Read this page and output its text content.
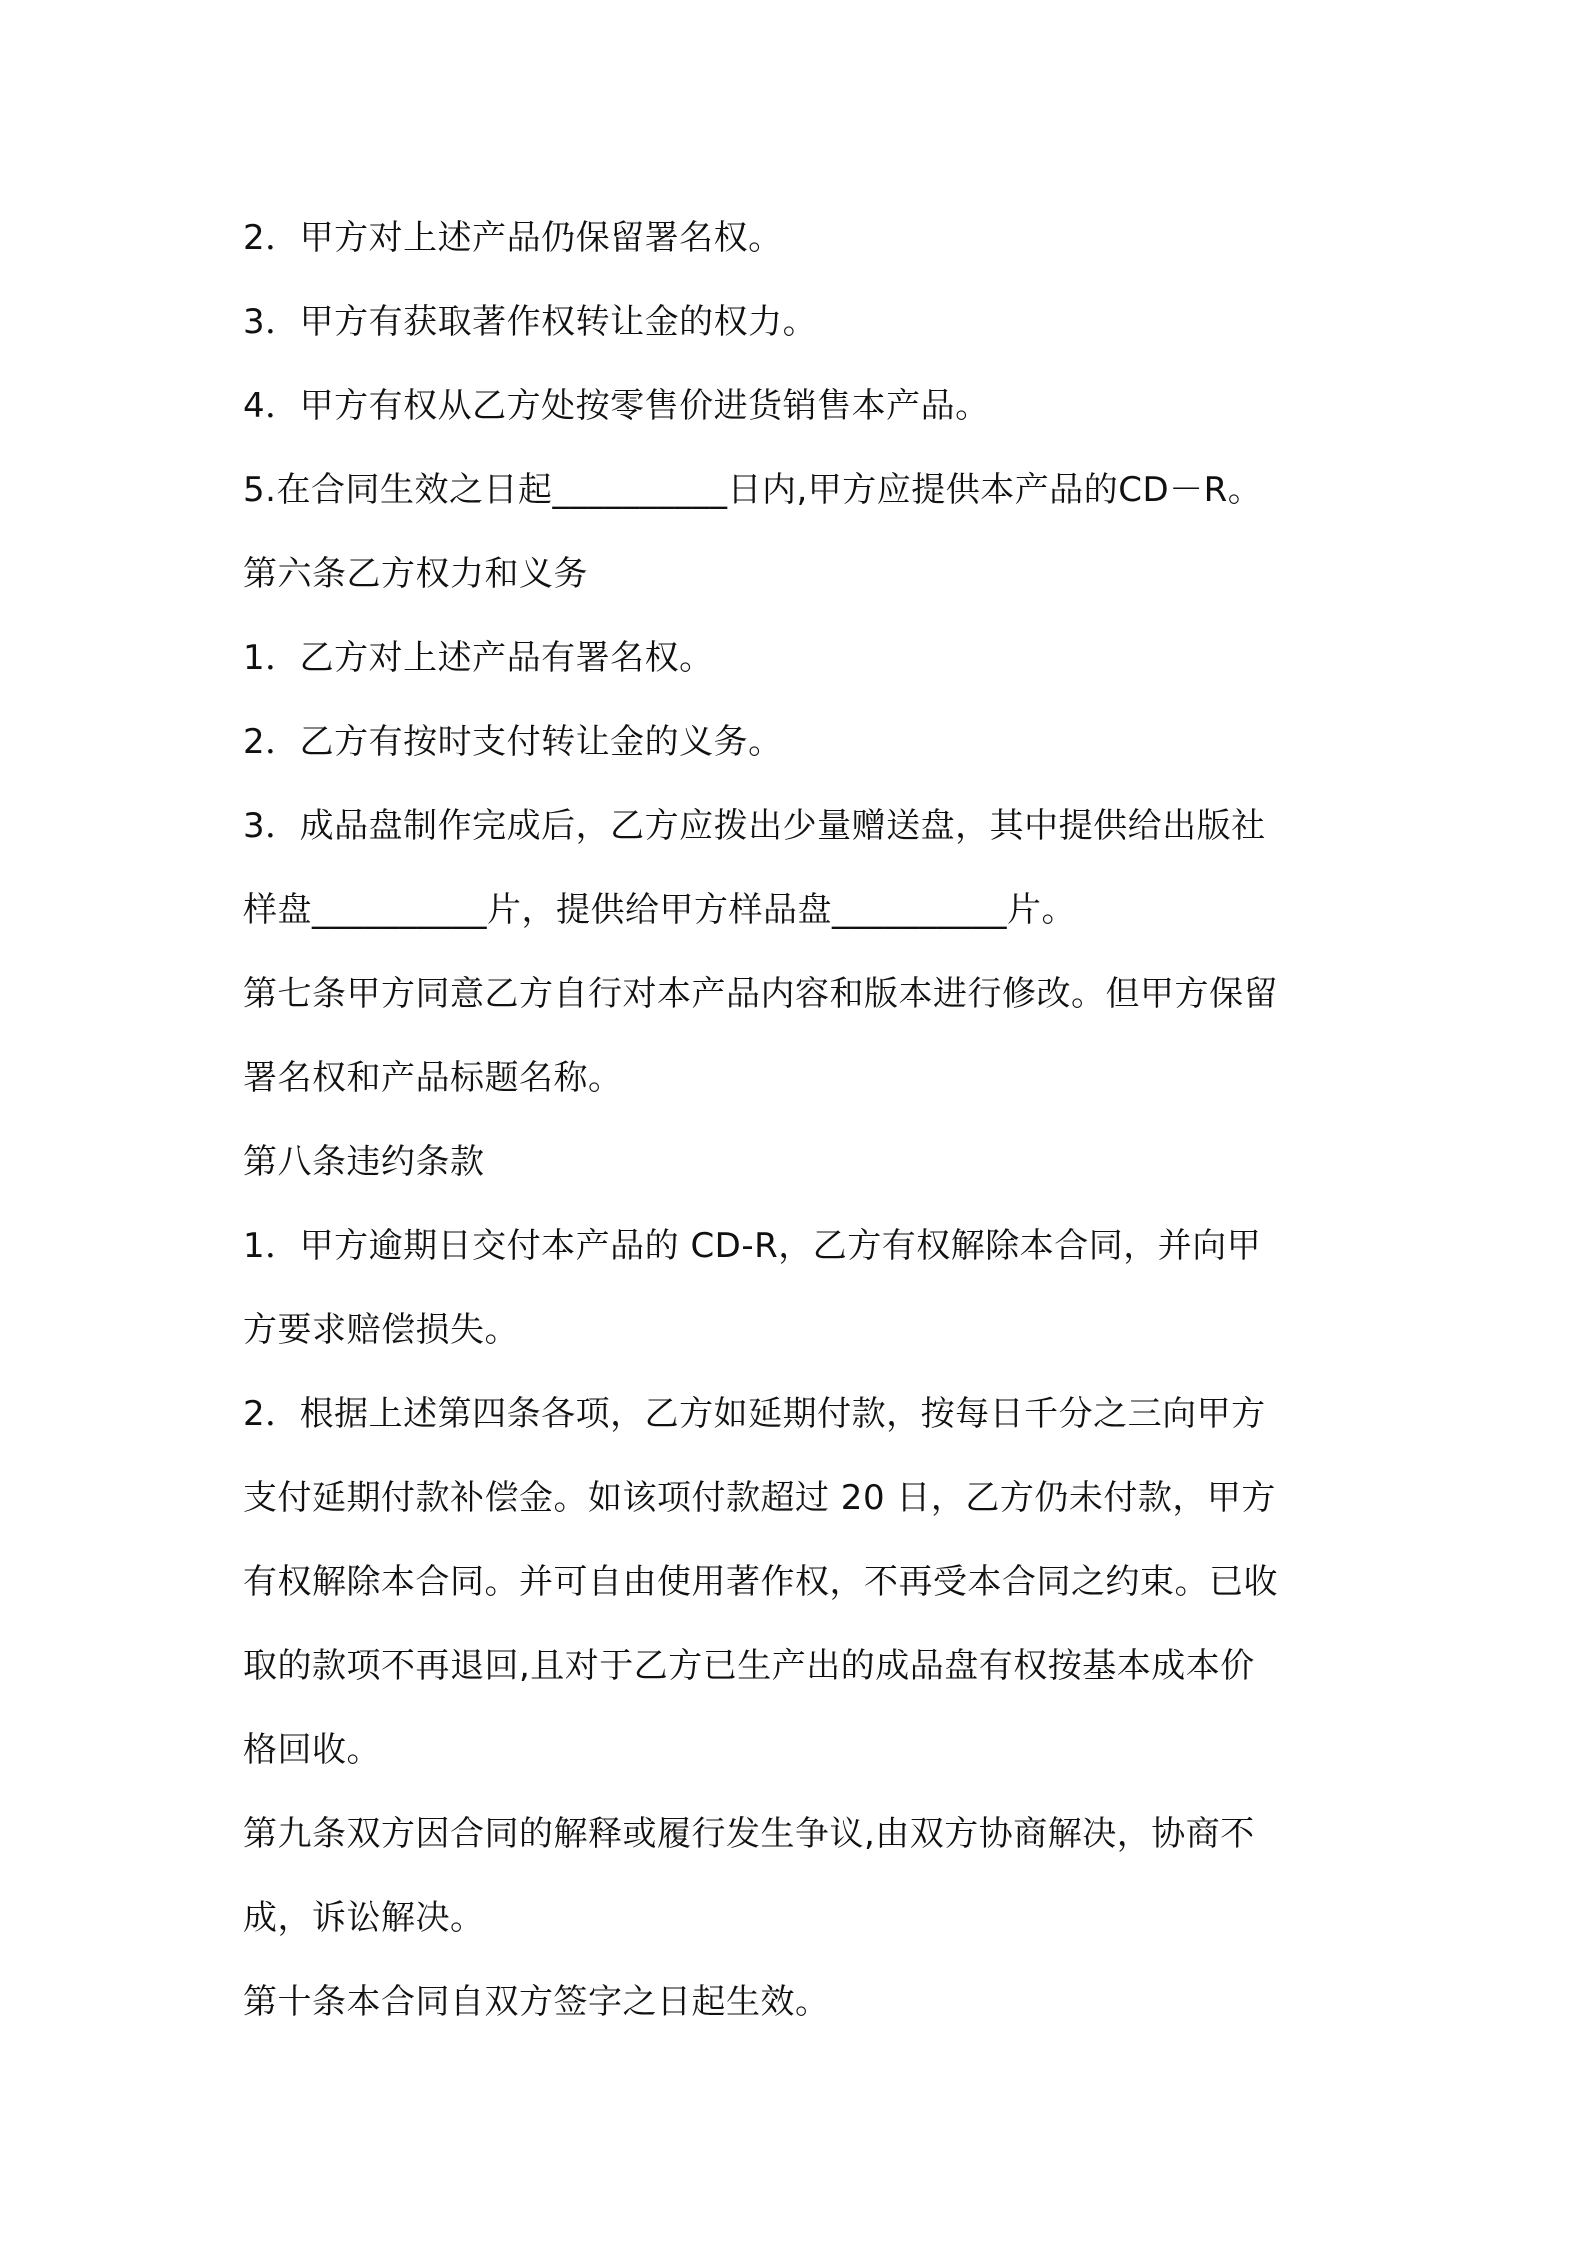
2．甲方对上述产品仍保留署名权。
3．甲方有获取著作权转让金的权力。
4．甲方有权从乙方处按零售价进货销售本产品。
5.在合同生效之日起__________日内,甲方应提供本产品的CD－R。
第六条乙方权力和义务
1．乙方对上述产品有署名权。
2．乙方有按时支付转让金的义务。
3．成品盘制作完成后，乙方应拨出少量赠送盘，其中提供给出版社
样盘__________片，提供给甲方样品盘__________片。
第七条甲方同意乙方自行对本产品内容和版本进行修改。但甲方保留
署名权和产品标题名称。
第八条违约条款
1．甲方逾期日交付本产品的 CD-R，乙方有权解除本合同，并向甲
方要求赔偿损失。
2．根据上述第四条各项，乙方如延期付款，按每日千分之三向甲方
支付延期付款补偿金。如该项付款超过 20 日，乙方仍未付款，甲方
有权解除本合同。并可自由使用著作权，不再受本合同之约束。已收
取的款项不再退回,且对于乙方已生产出的成品盘有权按基本成本价
格回收。
第九条双方因合同的解释或履行发生争议,由双方协商解决，协商不
成，诉讼解决。
第十条本合同自双方签字之日起生效。
